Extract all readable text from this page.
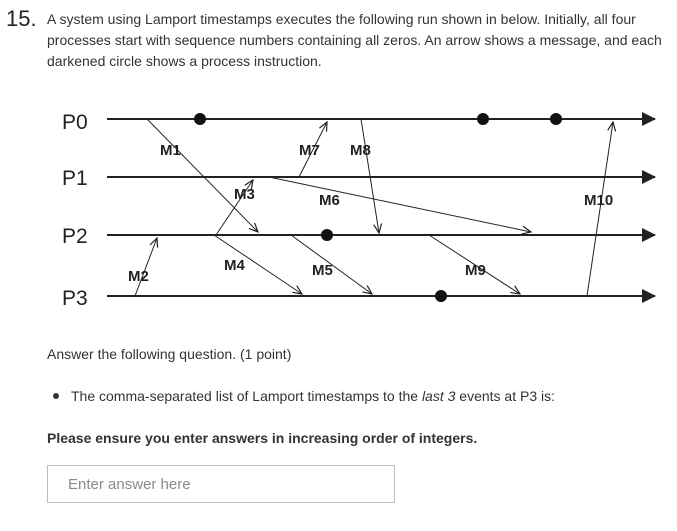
15. A system using Lamport timestamps executes the following run shown in below. Initially, all four processes start with sequence numbers containing all zeros. An arrow shows a message, and each darkened circle shows a process instruction.
P0
P1
P2
P3
M1
M2
M3
M4	M5
M6
M7 M8
M9
M10
Answer the following question. (1 point)
The comma-separated list of Lamport timestamps to the last 3 events at P3 is:
Please ensure you enter answers in increasing order of integers.
Enter answer here
